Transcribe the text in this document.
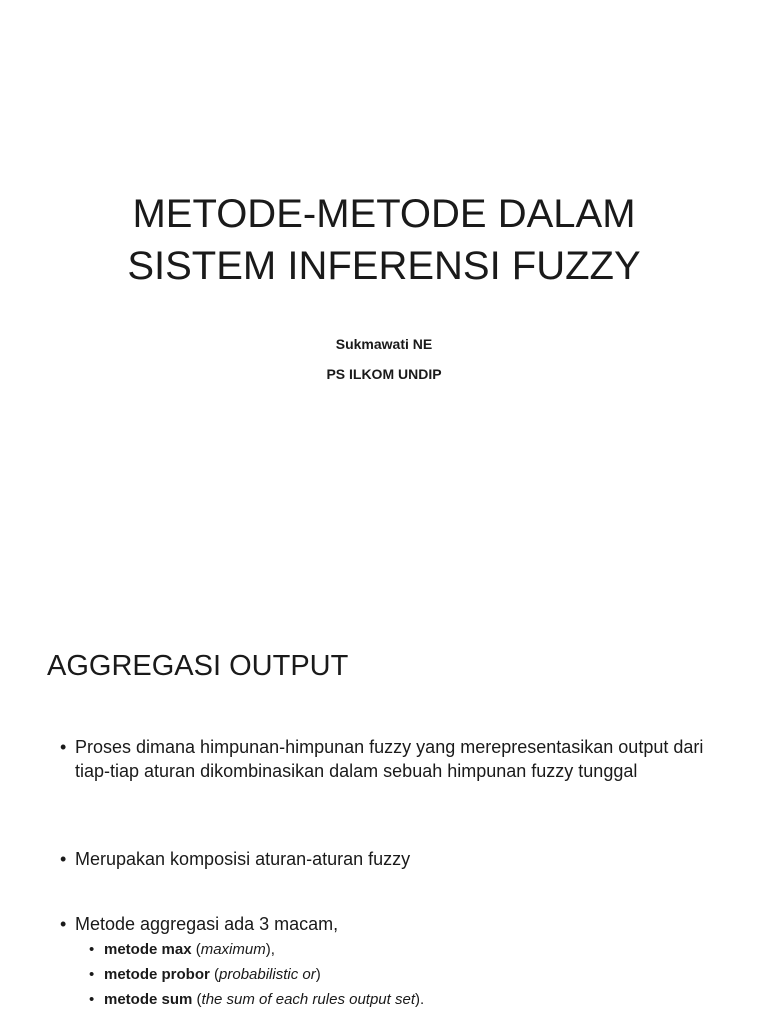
METODE-METODE DALAM
SISTEM INFERENSI FUZZY

Sukmawati NE

PS ILKOM UNDIP

AGGREGASI OUTPUT
• Proses dimana himpunan-himpunan fuzzy yang merepresentasikan output dari tiap-tiap aturan dikombinasikan dalam sebuah himpunan fuzzy tunggal
• Merupakan komposisi aturan-aturan fuzzy
• Metode aggregasi ada 3 macam,
• metode max (maximum),
• metode probor (probabilistic or)
• metode sum (the sum of each rules output set).
